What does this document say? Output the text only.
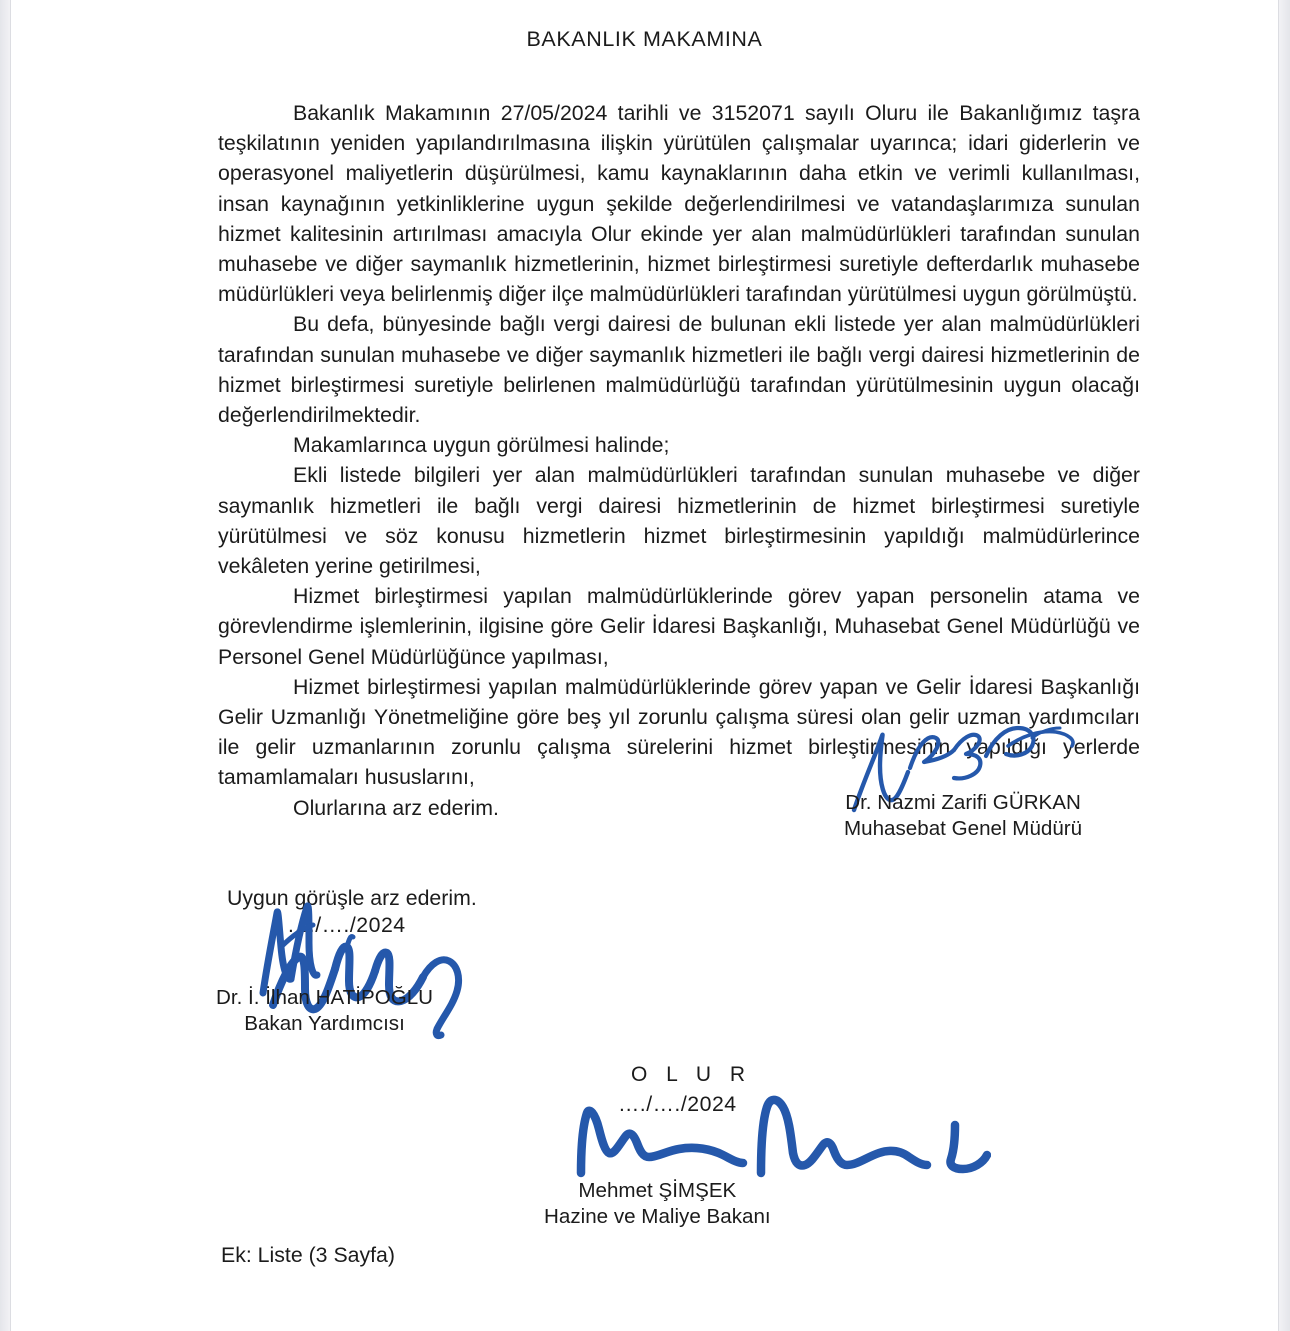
BAKANLIK MAKAMINA

Bakanlık Makamının 27/05/2024 tarihli ve 3152071 sayılı Oluru ile Bakanlığımız taşra teşkilatının yeniden yapılandırılmasına ilişkin yürütülen çalışmalar uyarınca; idari giderlerin ve operasyonel maliyetlerin düşürülmesi, kamu kaynaklarının daha etkin ve verimli kullanılması, insan kaynağının yetkinliklerine uygun şekilde değerlendirilmesi ve vatandaşlarımıza sunulan hizmet kalitesinin artırılması amacıyla Olur ekinde yer alan malmüdürlükleri tarafından sunulan muhasebe ve diğer saymanlık hizmetlerinin, hizmet birleştirmesi suretiyle defterdarlık muhasebe müdürlükleri veya belirlenmiş diğer ilçe malmüdürlükleri tarafından yürütülmesi uygun görülmüştü.

Bu defa, bünyesinde bağlı vergi dairesi de bulunan ekli listede yer alan malmüdürlükleri tarafından sunulan muhasebe ve diğer saymanlık hizmetleri ile bağlı vergi dairesi hizmetlerinin de hizmet birleştirmesi suretiyle belirlenen malmüdürlüğü tarafından yürütülmesinin uygun olacağı değerlendirilmektedir.

Makamlarınca uygun görülmesi halinde;

Ekli listede bilgileri yer alan malmüdürlükleri tarafından sunulan muhasebe ve diğer saymanlık hizmetleri ile bağlı vergi dairesi hizmetlerinin de hizmet birleştirmesi suretiyle yürütülmesi ve söz konusu hizmetlerin hizmet birleştirmesinin yapıldığı malmüdürlerince vekâleten yerine getirilmesi,

Hizmet birleştirmesi yapılan malmüdürlüklerinde görev yapan personelin atama ve görevlendirme işlemlerinin, ilgisine göre Gelir İdaresi Başkanlığı, Muhasebat Genel Müdürlüğü ve Personel Genel Müdürlüğünce yapılması,

Hizmet birleştirmesi yapılan malmüdürlüklerinde görev yapan ve Gelir İdaresi Başkanlığı Gelir Uzmanlığı Yönetmeliğine göre beş yıl zorunlu çalışma süresi olan gelir uzman yardımcıları ile gelir uzmanlarının zorunlu çalışma sürelerini hizmet birleştirmesinin yapıldığı yerlerde tamamlamaları hususlarını,

Olurlarına arz ederim.	Dr. Nazmi Zarifi GÜRKAN
Muhasebat Genel Müdürü
Uygun görüşle arz ederim.
…./…./2024
Dr. İ. İlhan HATİPOĞLU
Bakan Yardımcısı
O L U R
…./…./2024
Mehmet ŞİMŞEK
Hazine ve Maliye Bakanı
Ek: Liste (3 Sayfa)
